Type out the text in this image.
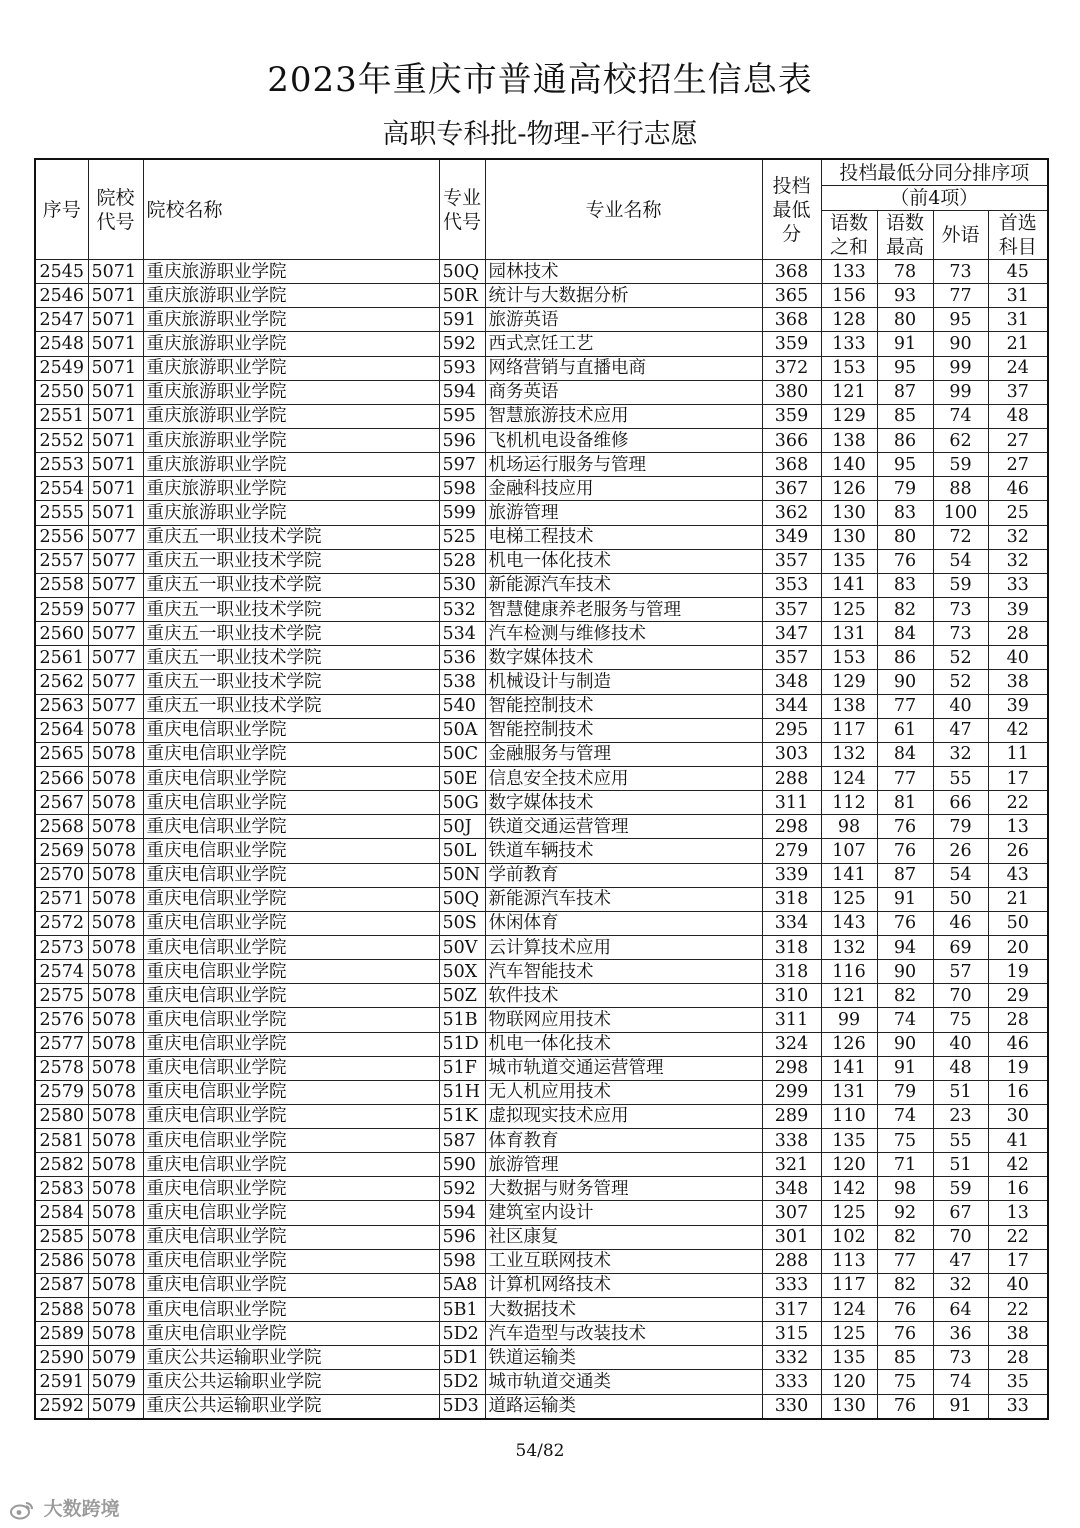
2023年重庆市普通高校招生信息表
高职专科批-物理-平行志愿
序号	院校代号	院校名称	专业代号	专业名称	投档最低分	投档最低分同分排序项			
						（前4项）			
						语数之和	语数最高	外语	首选科目
2545	5071	重庆旅游职业学院	50Q	园林技术	368	133	78	73	45
2546	5071	重庆旅游职业学院	50R	统计与大数据分析	365	156	93	77	31
2547	5071	重庆旅游职业学院	591	旅游英语	368	128	80	95	31
2548	5071	重庆旅游职业学院	592	西式烹饪工艺	359	133	91	90	21
2549	5071	重庆旅游职业学院	593	网络营销与直播电商	372	153	95	99	24
2550	5071	重庆旅游职业学院	594	商务英语	380	121	87	99	37
2551	5071	重庆旅游职业学院	595	智慧旅游技术应用	359	129	85	74	48
2552	5071	重庆旅游职业学院	596	飞机机电设备维修	366	138	86	62	27
2553	5071	重庆旅游职业学院	597	机场运行服务与管理	368	140	95	59	27
2554	5071	重庆旅游职业学院	598	金融科技应用	367	126	79	88	46
2555	5071	重庆旅游职业学院	599	旅游管理	362	130	83	100	25
2556	5077	重庆五一职业技术学院	525	电梯工程技术	349	130	80	72	32
2557	5077	重庆五一职业技术学院	528	机电一体化技术	357	135	76	54	32
2558	5077	重庆五一职业技术学院	530	新能源汽车技术	353	141	83	59	33
2559	5077	重庆五一职业技术学院	532	智慧健康养老服务与管理	357	125	82	73	39
2560	5077	重庆五一职业技术学院	534	汽车检测与维修技术	347	131	84	73	28
2561	5077	重庆五一职业技术学院	536	数字媒体技术	357	153	86	52	40
2562	5077	重庆五一职业技术学院	538	机械设计与制造	348	129	90	52	38
2563	5077	重庆五一职业技术学院	540	智能控制技术	344	138	77	40	39
2564	5078	重庆电信职业学院	50A	智能控制技术	295	117	61	47	42
2565	5078	重庆电信职业学院	50C	金融服务与管理	303	132	84	32	11
2566	5078	重庆电信职业学院	50E	信息安全技术应用	288	124	77	55	17
2567	5078	重庆电信职业学院	50G	数字媒体技术	311	112	81	66	22
2568	5078	重庆电信职业学院	50J	铁道交通运营管理	298	98	76	79	13
2569	5078	重庆电信职业学院	50L	铁道车辆技术	279	107	76	26	26
2570	5078	重庆电信职业学院	50N	学前教育	339	141	87	54	43
2571	5078	重庆电信职业学院	50Q	新能源汽车技术	318	125	91	50	21
2572	5078	重庆电信职业学院	50S	休闲体育	334	143	76	46	50
2573	5078	重庆电信职业学院	50V	云计算技术应用	318	132	94	69	20
2574	5078	重庆电信职业学院	50X	汽车智能技术	318	116	90	57	19
2575	5078	重庆电信职业学院	50Z	软件技术	310	121	82	70	29
2576	5078	重庆电信职业学院	51B	物联网应用技术	311	99	74	75	28
2577	5078	重庆电信职业学院	51D	机电一体化技术	324	126	90	40	46
2578	5078	重庆电信职业学院	51F	城市轨道交通运营管理	298	141	91	48	19
2579	5078	重庆电信职业学院	51H	无人机应用技术	299	131	79	51	16
2580	5078	重庆电信职业学院	51K	虚拟现实技术应用	289	110	74	23	30
2581	5078	重庆电信职业学院	587	体育教育	338	135	75	55	41
2582	5078	重庆电信职业学院	590	旅游管理	321	120	71	51	42
2583	5078	重庆电信职业学院	592	大数据与财务管理	348	142	98	59	16
2584	5078	重庆电信职业学院	594	建筑室内设计	307	125	92	67	13
2585	5078	重庆电信职业学院	596	社区康复	301	102	82	70	22
2586	5078	重庆电信职业学院	598	工业互联网技术	288	113	77	47	17
2587	5078	重庆电信职业学院	5A8	计算机网络技术	333	117	82	32	40
2588	5078	重庆电信职业学院	5B1	大数据技术	317	124	76	64	22
2589	5078	重庆电信职业学院	5D2	汽车造型与改装技术	315	125	76	36	38
2590	5079	重庆公共运输职业学院	5D1	铁道运输类	332	135	85	73	28
2591	5079	重庆公共运输职业学院	5D2	城市轨道交通类	333	120	75	74	35
2592	5079	重庆公共运输职业学院	5D3	道路运输类	330	130	76	91	33
54/82
大数跨境
